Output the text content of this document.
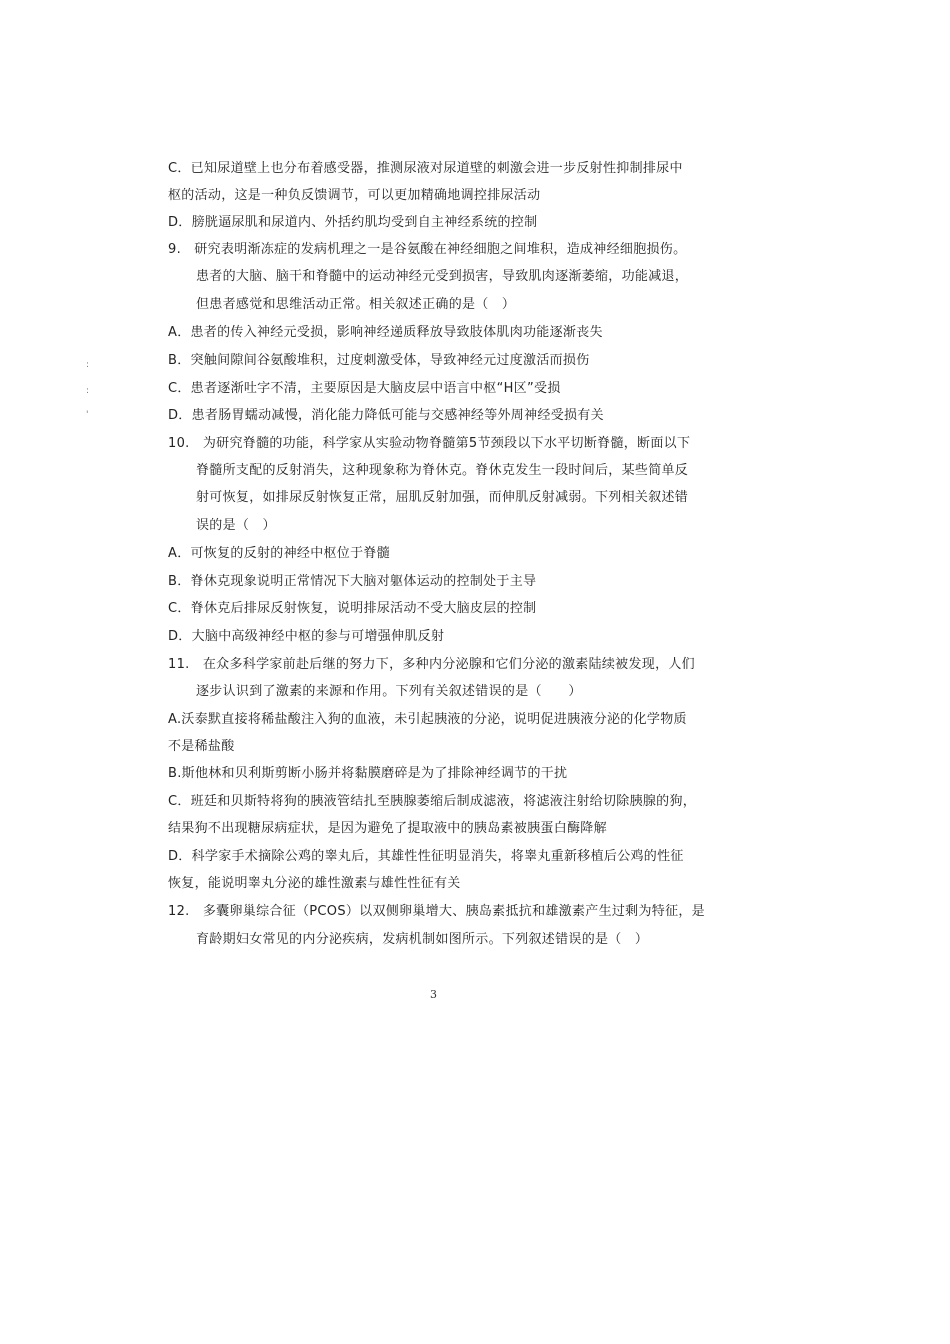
C．已知尿道壁上也分布着感受器，推测尿液对尿道壁的刺激会进一步反射性抑制排尿中
枢的活动，这是一种负反馈调节，可以更加精确地调控排尿活动
D．膀胱逼尿肌和尿道内、外括约肌均受到自主神经系统的控制
9.　研究表明渐冻症的发病机理之一是谷氨酸在神经细胞之间堆积，造成神经细胞损伤。
患者的大脑、脑干和脊髓中的运动神经元受到损害，导致肌肉逐渐萎缩，功能减退，
但患者感觉和思维活动正常。相关叙述正确的是（　）
A．患者的传入神经元受损，影响神经递质释放导致肢体肌肉功能逐渐丧失
B．突触间隙间谷氨酸堆积，过度刺激受体，导致神经元过度激活而损伤
C．患者逐渐吐字不清，主要原因是大脑皮层中语言中枢“H区”受损
D．患者肠胃蠕动减慢，消化能力降低可能与交感神经等外周神经受损有关
10.　为研究脊髓的功能，科学家从实验动物脊髓第5节颈段以下水平切断脊髓，断面以下
脊髓所支配的反射消失，这种现象称为脊休克。脊休克发生一段时间后，某些简单反
射可恢复，如排尿反射恢复正常，屈肌反射加强，而伸肌反射减弱。下列相关叙述错
误的是（　）
A．可恢复的反射的神经中枢位于脊髓
B．脊休克现象说明正常情况下大脑对躯体运动的控制处于主导
C．脊休克后排尿反射恢复，说明排尿活动不受大脑皮层的控制
D．大脑中高级神经中枢的参与可增强伸肌反射
11.　在众多科学家前赴后继的努力下，多种内分泌腺和它们分泌的激素陆续被发现，人们
逐步认识到了激素的来源和作用。下列有关叙述错误的是（　　）
A.沃泰默直接将稀盐酸注入狗的血液，未引起胰液的分泌，说明促进胰液分泌的化学物质
不是稀盐酸
B.斯他林和贝利斯剪断小肠并将黏膜磨碎是为了排除神经调节的干扰
C．班廷和贝斯特将狗的胰液管结扎至胰腺萎缩后制成滤液，将滤液注射给切除胰腺的狗，
结果狗不出现糖尿病症状，是因为避免了提取液中的胰岛素被胰蛋白酶降解
D．科学家手术摘除公鸡的睾丸后，其雄性性征明显消失，将睾丸重新移植后公鸡的性征
恢复，能说明睾丸分泌的雄性激素与雄性性征有关
12.　多囊卵巢综合征（PCOS）以双侧卵巢增大、胰岛素抵抗和雄激素产生过剩为特征，是
育龄期妇女常见的内分泌疾病，发病机制如图所示。下列叙述错误的是（　）
:
:
'
3
